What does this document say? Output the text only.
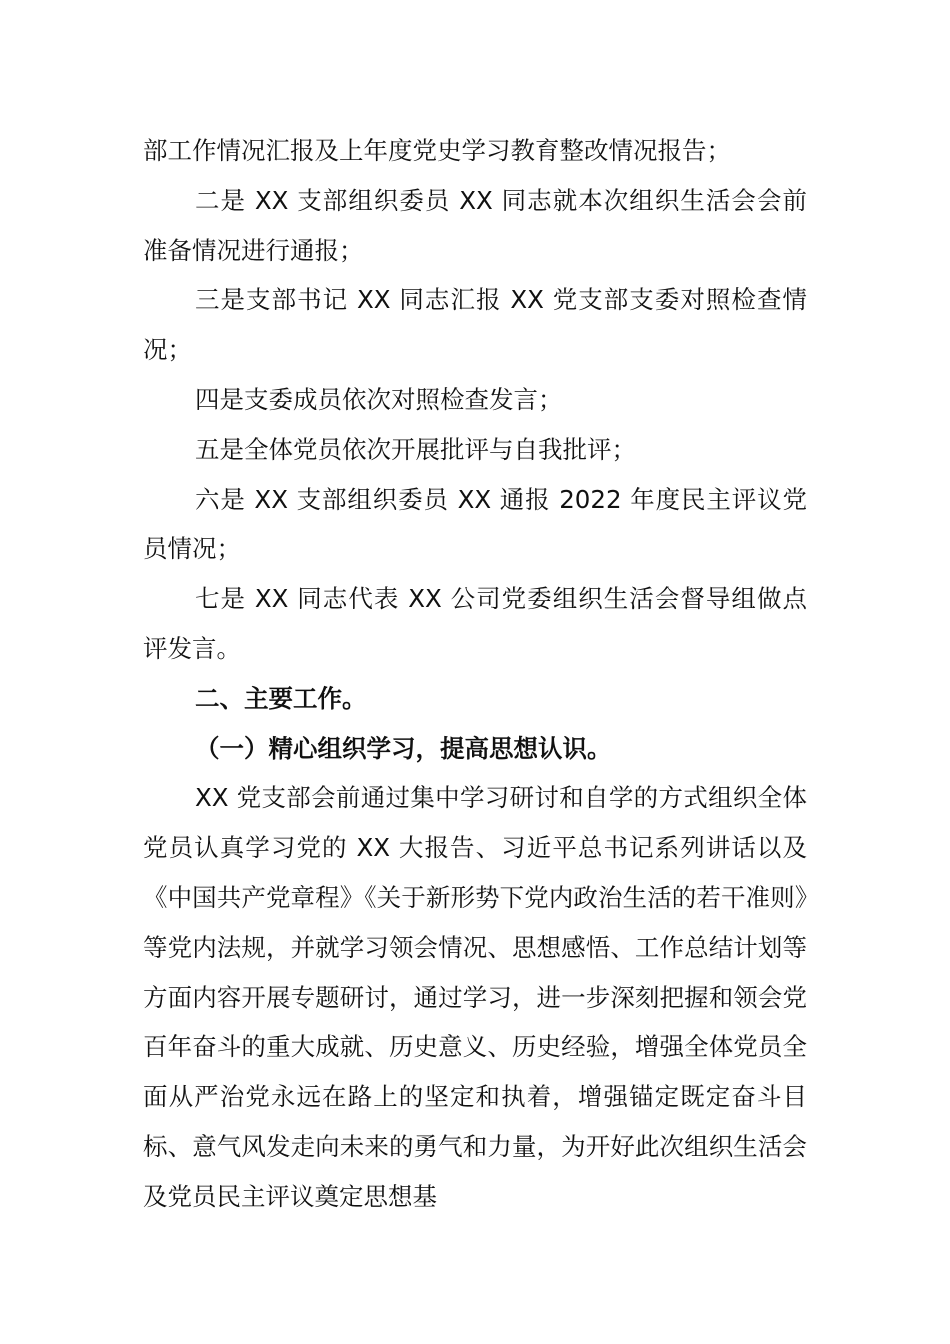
部工作情况汇报及上年度党史学习教育整改情况报告；

二是 XX 支部组织委员 XX 同志就本次组织生活会会前准备情况进行通报；

三是支部书记 XX 同志汇报 XX 党支部支委对照检查情况；

四是支委成员依次对照检查发言；

五是全体党员依次开展批评与自我批评；

六是 XX 支部组织委员 XX 通报 2022 年度民主评议党员情况；

七是 XX 同志代表 XX 公司党委组织生活会督导组做点评发言。

二、主要工作。

（一）精心组织学习，提高思想认识。

XX 党支部会前通过集中学习研讨和自学的方式组织全体党员认真学习党的 XX 大报告、习近平总书记系列讲话以及《中国共产党章程》《关于新形势下党内政治生活的若干准则》等党内法规，并就学习领会情况、思想感悟、工作总结计划等方面内容开展专题研讨，通过学习，进一步深刻把握和领会党百年奋斗的重大成就、历史意义、历史经验，增强全体党员全面从严治党永远在路上的坚定和执着，增强锚定既定奋斗目标、意气风发走向未来的勇气和力量，为开好此次组织生活会及党员民主评议奠定思想基
